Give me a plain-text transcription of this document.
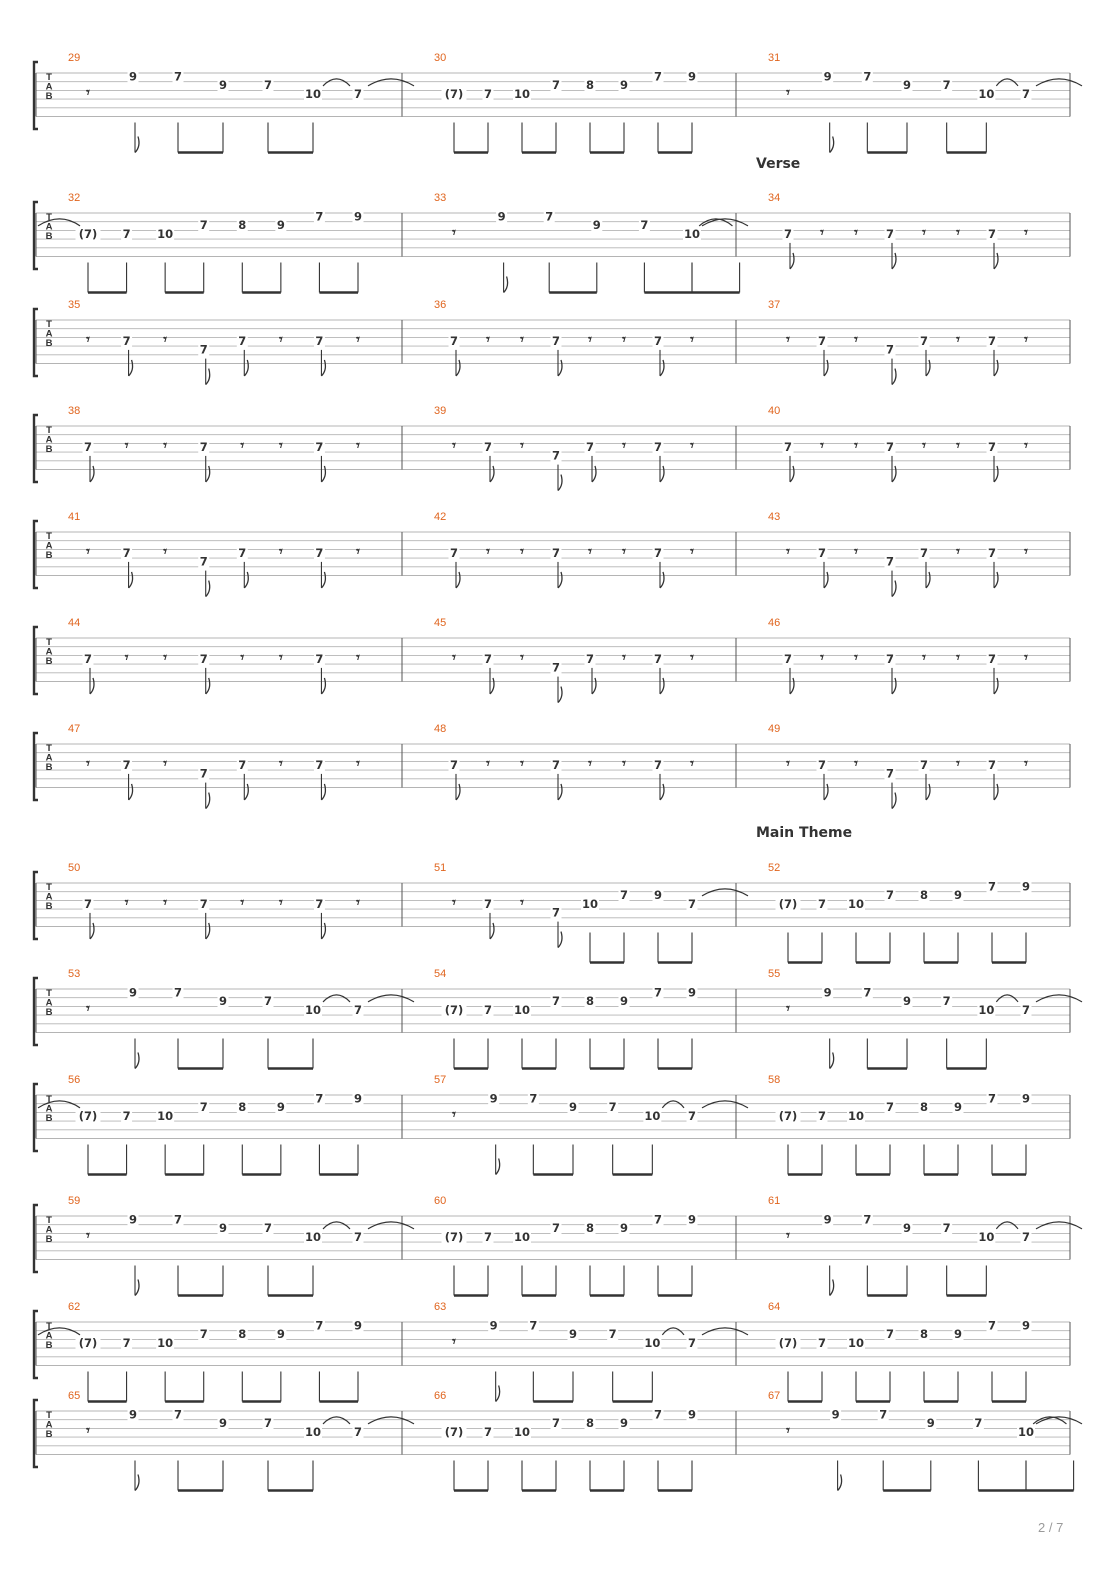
T
A
B
29
𝄾
9	7
9	7
10	7
30
(7) 7 10
7 8 9
7 9
31
𝄾
9	7
9	7
10 7
T
A
B
Verse
32
(7) 7 10
7	8	9
7	9
33
𝄾
9	7
9	7
10
34
7 𝄾 𝄾 7 𝄾 𝄾 7 𝄾
T
A
B
35
𝄾	7 𝄾
7
7 𝄾	7 𝄾
36
7 𝄾 𝄾 7 𝄾 𝄾 7 𝄾
37
𝄾 7 𝄾
7
7 𝄾 7 𝄾
T
A
B
38
7 𝄾 𝄾	7 𝄾 𝄾	7 𝄾
39
𝄾 7 𝄾
7
7 𝄾 7 𝄾
40
7 𝄾 𝄾 7 𝄾 𝄾 7 𝄾
T
A
B
41
𝄾	7 𝄾
7
7 𝄾	7 𝄾
42
7 𝄾 𝄾 7 𝄾 𝄾 7 𝄾
43
𝄾 7 𝄾
7
7 𝄾 7 𝄾
T
A
B
44
7 𝄾 𝄾	7 𝄾 𝄾	7 𝄾
45
𝄾 7 𝄾
7
7 𝄾 7 𝄾
46
7 𝄾 𝄾 7 𝄾 𝄾 7 𝄾
T
A
B
47
𝄾	7 𝄾
7
7 𝄾	7 𝄾
48
7 𝄾 𝄾 7 𝄾 𝄾 7 𝄾
49
𝄾 7 𝄾
7
7 𝄾 7 𝄾
T
A
B
Main Theme
50
7 𝄾 𝄾	7 𝄾 𝄾	7 𝄾
51
𝄾 7 𝄾
7
10
7 9
7
52
(7) 7 10
7 8 9
7 9
T
A
B
53
𝄾
9	7
9	7
10	7
54
(7) 7 10
7 8 9
7 9
55
𝄾
9	7
9	7
10 7
T
A
B
56
(7) 7 10
7	8	9
7	9
57
𝄾
9	7
9	7
10 7
58
(7) 7 10
7 8 9
7 9
T
A
B
59
𝄾
9	7
9	7
10	7
60
(7) 7 10
7 8 9
7 9
61
𝄾
9	7
9	7
10 7
T
A
B
62
(7) 7 10
7	8	9
7	9
63
𝄾
9	7
9	7
10 7
64
(7) 7 10
7 8 9
7 9
T
A
B
65
𝄾
9	7
9	7
10	7
66
(7) 7 10
7 8 9
7 9
67
𝄾
9	7
9	7
10
2 / 7
